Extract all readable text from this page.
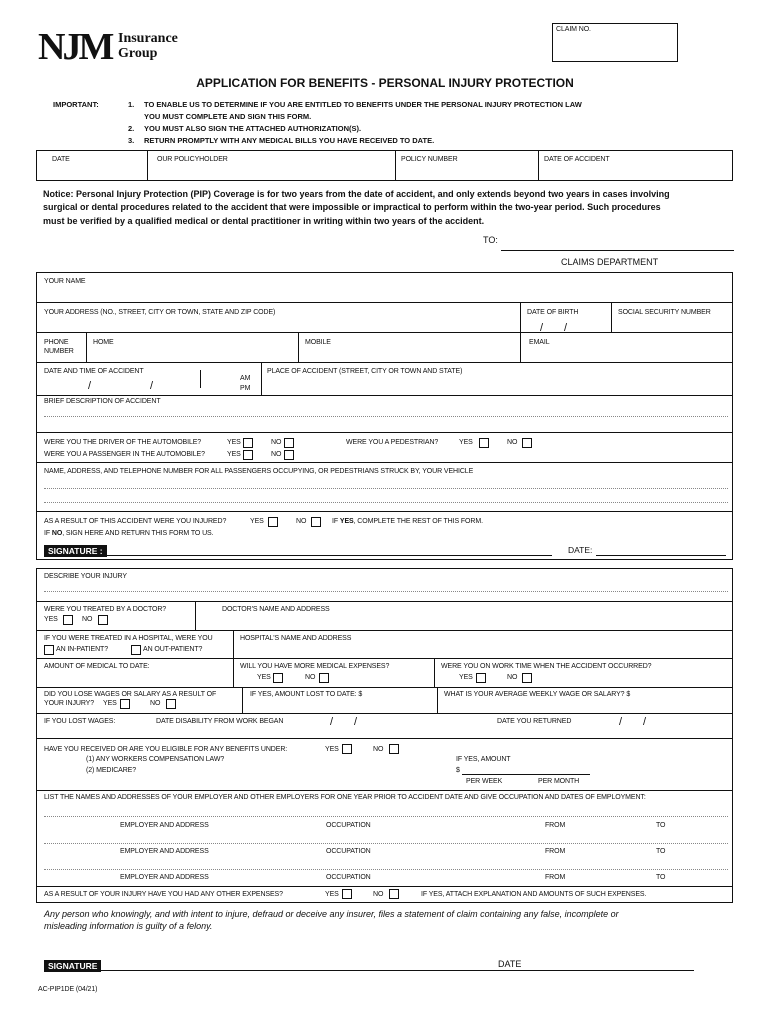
NJM Insurance
Group
CLAIM NO.
APPLICATION FOR BENEFITS - PERSONAL INJURY PROTECTION
IMPORTANT:	1. TO ENABLE US TO DETERMINE IF YOU ARE ENTITLED TO BENEFITS UNDER THE PERSONAL INJURY PROTECTION LAW
YOU MUST COMPLETE AND SIGN THIS FORM.
2. YOU MUST ALSO SIGN THE ATTACHED AUTHORIZATION(S).
3. RETURN PROMPTLY WITH ANY MEDICAL BILLS YOU HAVE RECEIVED TO DATE.
DATE	OUR POLICYHOLDER	POLICY NUMBER	DATE OF ACCIDENT
Notice: Personal Injury Protection (PIP) Coverage is for two years from the date of accident, and only extends beyond two years in cases involving
surgical or dental procedures related to the accident that were impossible or impractical to perform within the two-year period. Such procedures
must be verified by a qualified medical or dental practitioner in writing within two years of the accident.
TO:
CLAIMS DEPARTMENT
YOUR NAME
YOUR ADDRESS (NO., STREET, CITY OR TOWN, STATE AND ZIP CODE)	DATE OF BIRTH	SOCIAL SECURITY NUMBER
/ /
PHONE
NUMBER
HOME	MOBILE	EMAIL
DATE AND TIME OF ACCIDENT
/	/
AM
PM
PLACE OF ACCIDENT (STREET, CITY OR TOWN AND STATE)
BRIEF DESCRIPTION OF ACCIDENT
WERE YOU THE DRIVER OF THE AUTOMOBILE?	YES	NO	WERE YOU A PEDESTRIAN?	YES	NO
WERE YOU A PASSENGER IN THE AUTOMOBILE?	YES	NO
NAME, ADDRESS, AND TELEPHONE NUMBER FOR ALL PASSENGERS OCCUPYING, OR PEDESTRIANS STRUCK BY, YOUR VEHICLE
AS A RESULT OF THIS ACCIDENT WERE YOU INJURED?	YES	NO	IF YES, COMPLETE THE REST OF THIS FORM.
IF NO, SIGN HERE AND RETURN THIS FORM TO US.
SIGNATURE :	DATE:
DESCRIBE YOUR INJURY
WERE YOU TREATED BY A DOCTOR?
YES	NO
DOCTOR'S NAME AND ADDRESS
IF YOU WERE TREATED IN A HOSPITAL, WERE YOU
AN IN-PATIENT?	AN OUT-PATIENT?
HOSPITAL'S NAME AND ADDRESS
AMOUNT OF MEDICAL TO DATE:	WILL YOU HAVE MORE MEDICAL EXPENSES?
YES	NO
WERE YOU ON WORK TIME WHEN THE ACCIDENT OCCURRED?
YES	NO
DID YOU LOSE WAGES OR SALARY AS A RESULT OF
YOUR INJURY? YES	NO
IF YES, AMOUNT LOST TO DATE: $	WHAT IS YOUR AVERAGE WEEKLY WAGE OR SALARY? $
IF YOU LOST WAGES:	DATE DISABILITY FROM WORK BEGAN	/ /	DATE YOU RETURNED	/ /
HAVE YOU RECEIVED OR ARE YOU ELIGIBLE FOR ANY BENEFITS UNDER:	YES	NO
(1) ANY WORKERS COMPENSATION LAW?
(2) MEDICARE?
IF YES, AMOUNT
$
PER WEEK	PER MONTH
LIST THE NAMES AND ADDRESSES OF YOUR EMPLOYER AND OTHER EMPLOYERS FOR ONE YEAR PRIOR TO ACCIDENT DATE AND GIVE OCCUPATION AND DATES OF EMPLOYMENT:
EMPLOYER AND ADDRESS	OCCUPATION	FROM	TO
EMPLOYER AND ADDRESS	OCCUPATION	FROM	TO
EMPLOYER AND ADDRESS	OCCUPATION	FROM	TO
AS A RESULT OF YOUR INJURY HAVE YOU HAD ANY OTHER EXPENSES?	YES	NO	IF YES, ATTACH EXPLANATION AND AMOUNTS OF SUCH EXPENSES.
Any person who knowingly, and with intent to injure, defraud or deceive any insurer, files a statement of claim containing any false, incomplete or
misleading information is guilty of a felony.
SIGNATURE	DATE
AC-PIP1DE (04/21)
